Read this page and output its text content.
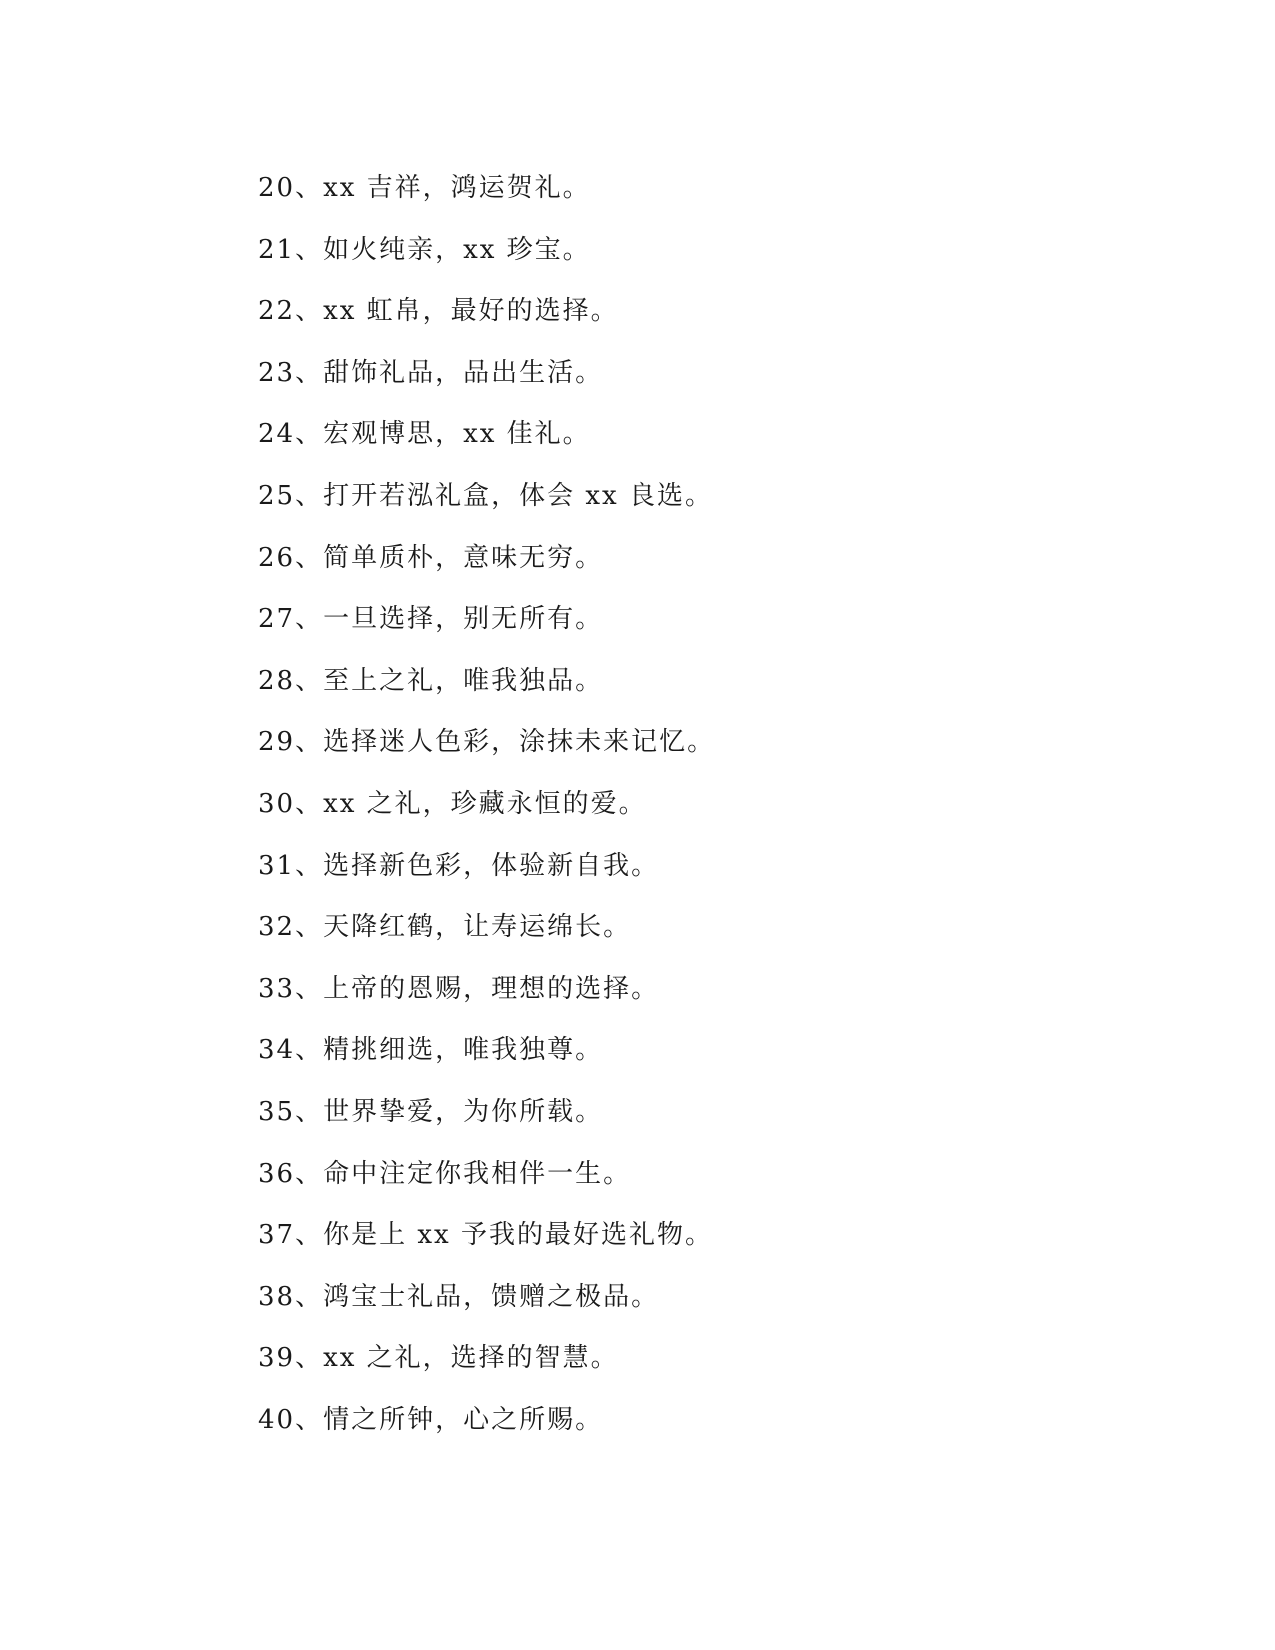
20、xx 吉祥，鸿运贺礼。
21、如火纯亲，xx 珍宝。
22、xx 虹帛，最好的选择。
23、甜饰礼品，品出生活。
24、宏观博思，xx 佳礼。
25、打开若泓礼盒，体会 xx 良选。
26、简单质朴，意味无穷。
27、一旦选择，别无所有。
28、至上之礼，唯我独品。
29、选择迷人色彩，涂抹未来记忆。
30、xx 之礼，珍藏永恒的爱。
31、选择新色彩，体验新自我。
32、天降红鹤，让寿运绵长。
33、上帝的恩赐，理想的选择。
34、精挑细选，唯我独尊。
35、世界挚爱，为你所载。
36、命中注定你我相伴一生。
37、你是上 xx 予我的最好选礼物。
38、鸿宝士礼品，馈赠之极品。
39、xx 之礼，选择的智慧。
40、情之所钟，心之所赐。
